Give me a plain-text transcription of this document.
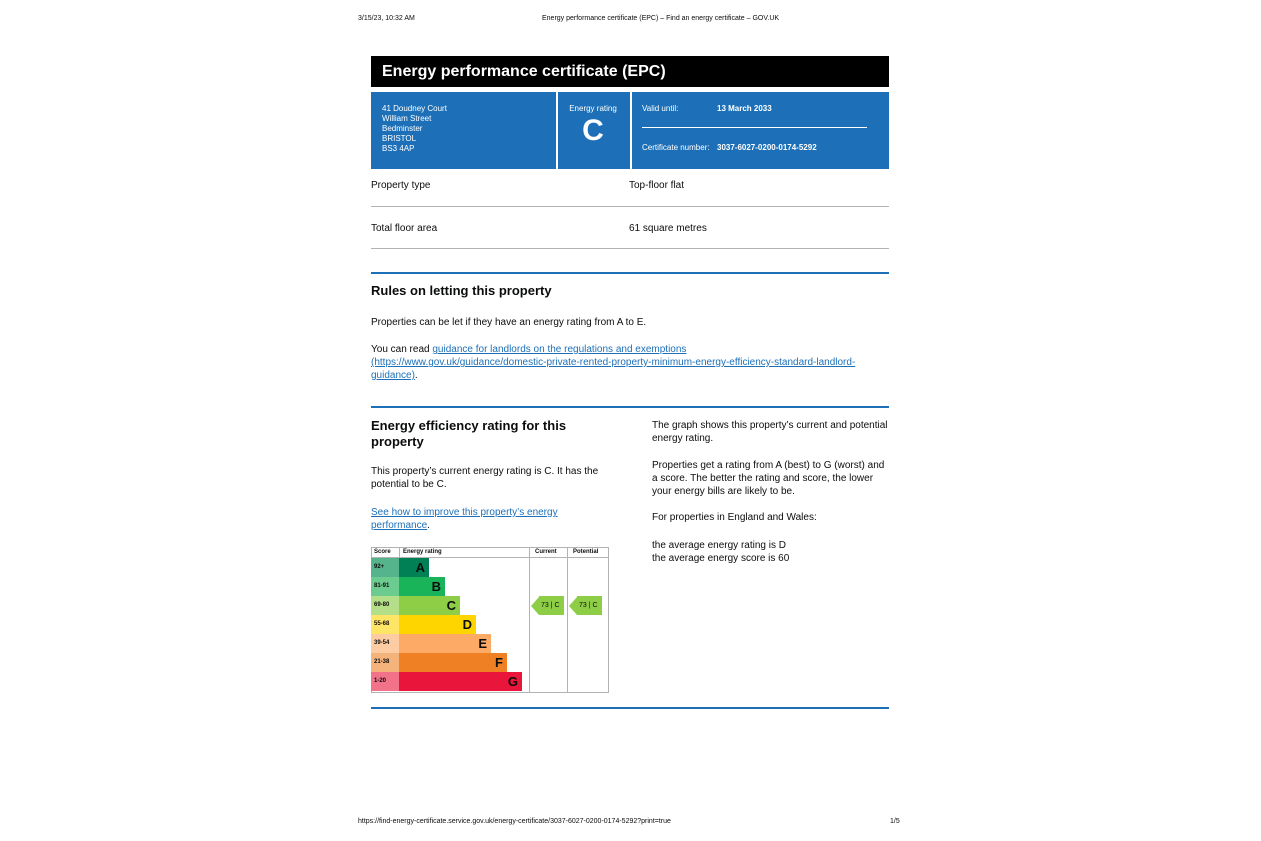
3/15/23, 10:32 AM	Energy performance certificate (EPC) – Find an energy certificate – GOV.UK
Energy performance certificate (EPC)
41 Doudney Court
William Street
Bedminster
BRISTOL
BS3 4AP
Energy rating
C
Valid until:	13 March 2033
Certificate number: 3037-6027-0200-0174-5292
Property type	Top-floor flat
Total floor area	61 square metres
Rules on letting this property
Properties can be let if they have an energy rating from A to E.
You can read guidance for landlords on the regulations and exemptions
(https://www.gov.uk/guidance/domestic-private-rented-property-minimum-energy-efficiency-standard-landlord-guidance).
Energy efficiency rating for this property
This property’s current energy rating is C. It has the potential to be C.
See how to improve this property’s energy performance.
The graph shows this property’s current and potential energy rating.
Properties get a rating from A (best) to G (worst) and a score. The better the rating and score, the lower your energy bills are likely to be.
For properties in England and Wales:
the average energy rating is D
the average energy score is 60
Score Energy rating	Current	Potential
92+	A
81-91	B
69-80	C
55-68	D
39-54	E
21-38	F
1-20	G
73 | C	73 | C
https://find-energy-certificate.service.gov.uk/energy-certificate/3037-6027-0200-0174-5292?print=true	1/5
